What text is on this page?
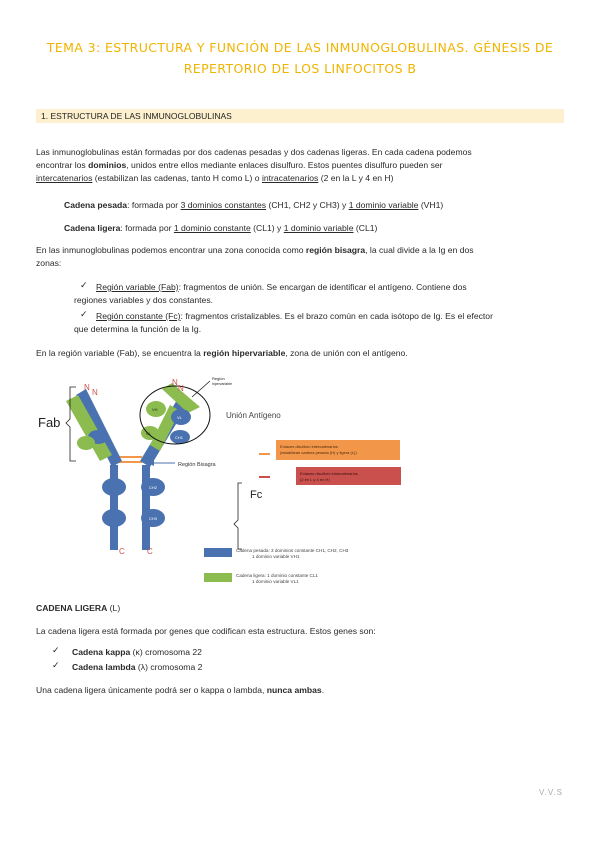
TEMA 3: ESTRUCTURA Y FUNCIÓN DE LAS INMUNOGLOBULINAS. GÉNESIS DE
REPERTORIO DE LOS LINFOCITOS B
1. ESTRUCTURA DE LAS INMUNOGLOBULINAS
Las inmunoglobulinas están formadas por dos cadenas pesadas y dos cadenas ligeras. En cada cadena podemos
encontrar los dominios, unidos entre ellos mediante enlaces disulfuro. Estos puentes disulfuro pueden ser
intercatenarios (estabilizan las cadenas, tanto H como L) o intracatenarios (2 en la L y 4 en H)
Cadena pesada: formada por 3 dominios constantes (CH1, CH2 y CH3) y 1 dominio variable (VH1)
Cadena ligera: formada por 1 dominio constante (CL1) y 1 dominio variable (CL1)
En las inmunoglobulinas podemos encontrar una zona conocida como región bisagra, la cual divide a la Ig en dos
zonas:
✓ Región variable (Fab): fragmentos de unión. Se encargan de identificar el antígeno. Contiene dos
regiones variables y dos constantes.
✓ Región constante (Fc): fragmentos cristalizables. Es el brazo común en cada isótopo de Ig. Es el efector
que determina la función de la Ig.
En la región variable (Fab), se encuentra la región hipervariable, zona de unión con el antígeno.
CH2
CH3
VH
VL
CL
CH1
Región
hipervariable
N
N
N
N
C	C
Fab	Unión Antígeno
Región Bisagra
Fc
Enlaces disulfuro intercatenarios
(estabilizan cadena pesada (H) y ligera (L))
Enlaces disulfuro intracatenarios
(2 en L y 4 en H)
Cadena pesada: 3 dominios constante CH1, CH2, CH3
1 dominio variable VH1
Cadena ligera: 1 dominio constante CL1
1 dominio variable VL1
CADENA LIGERA (L)
La cadena ligera está formada por genes que codifican esta estructura. Estos genes son:
✓ Cadena kappa (κ) cromosoma 22
✓ Cadena lambda (λ) cromosoma 2
Una cadena ligera únicamente podrá ser o kappa o lambda, nunca ambas.
V.V.S
